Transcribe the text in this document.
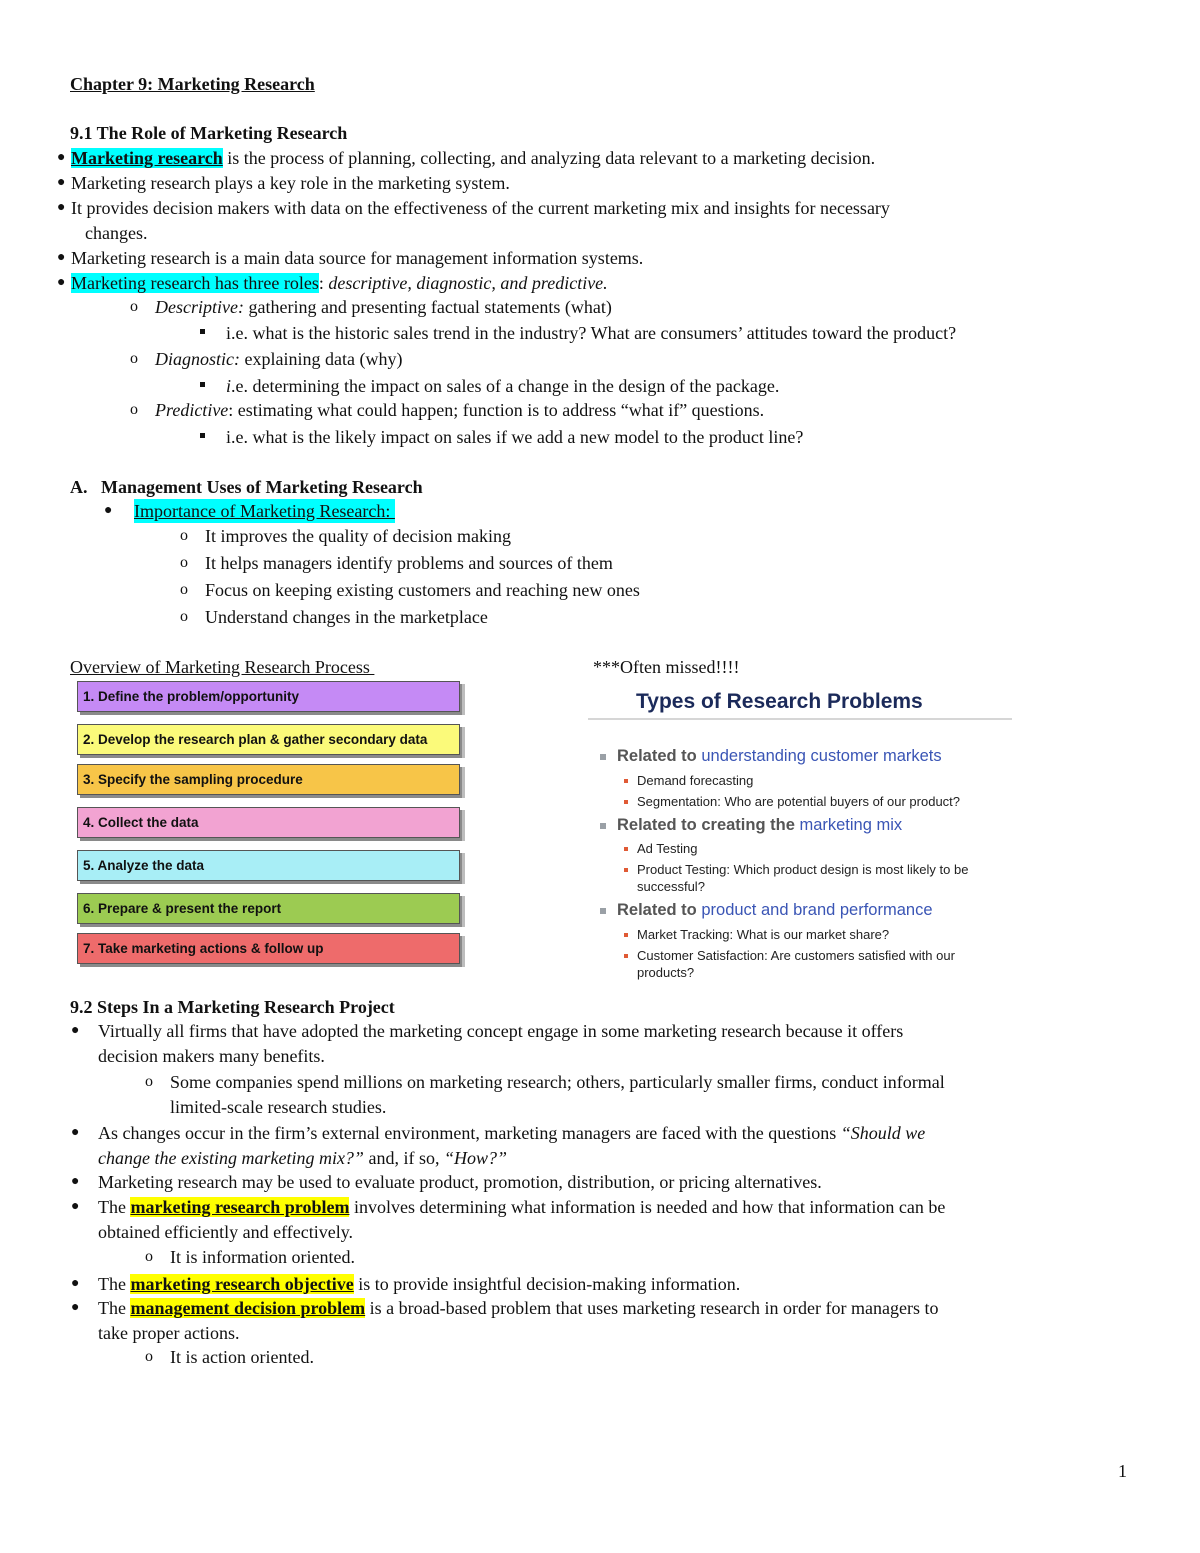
Chapter 9: Marketing Research
9.1 The Role of Marketing Research
● Marketing research is the process of planning, collecting, and analyzing data relevant to a marketing decision.
● Marketing research plays a key role in the marketing system.
● It provides decision makers with data on the effectiveness of the current marketing mix and insights for necessary
changes.
● Marketing research is a main data source for management information systems.
● Marketing research has three roles: descriptive, diagnostic, and predictive.
o Descriptive: gathering and presenting factual statements (what)
i.e. what is the historic sales trend in the industry? What are consumers’ attitudes toward the product?
o Diagnostic: explaining data (why)
i.e. determining the impact on sales of a change in the design of the package.
o Predictive: estimating what could happen; function is to address “what if” questions.
i.e. what is the likely impact on sales if we add a new model to the product line?
A.   Management Uses of Marketing Research
● Importance of Marketing Research:
o It improves the quality of decision making
o It helps managers identify problems and sources of them
o Focus on keeping existing customers and reaching new ones
o Understand changes in the marketplace
Overview of Marketing Research Process
1. Define the problem/opportunity
2. Develop the research plan & gather secondary data
3. Specify the sampling procedure
4. Collect the data
5. Analyze the data
6. Prepare & present the report
7. Take marketing actions & follow up
***Often missed!!!!
Types of Research Problems
Related to understanding customer markets
Demand forecasting
Segmentation: Who are potential buyers of our product?
Related to creating the marketing mix
Ad Testing
Product Testing: Which product design is most likely to be
successful?
Related to product and brand performance
Market Tracking: What is our market share?
Customer Satisfaction: Are customers satisfied with our
products?
9.2 Steps In a Marketing Research Project
● Virtually all firms that have adopted the marketing concept engage in some marketing research because it offers
decision makers many benefits.
o Some companies spend millions on marketing research; others, particularly smaller firms, conduct informal
limited-scale research studies.
● As changes occur in the firm’s external environment, marketing managers are faced with the questions “Should we
change the existing marketing mix?” and, if so, “How?”
● Marketing research may be used to evaluate product, promotion, distribution, or pricing alternatives.
● The marketing research problem involves determining what information is needed and how that information can be
obtained efficiently and effectively.
o It is information oriented.
● The marketing research objective is to provide insightful decision-making information.
● The management decision problem is a broad-based problem that uses marketing research in order for managers to
take proper actions.
o It is action oriented.
1
